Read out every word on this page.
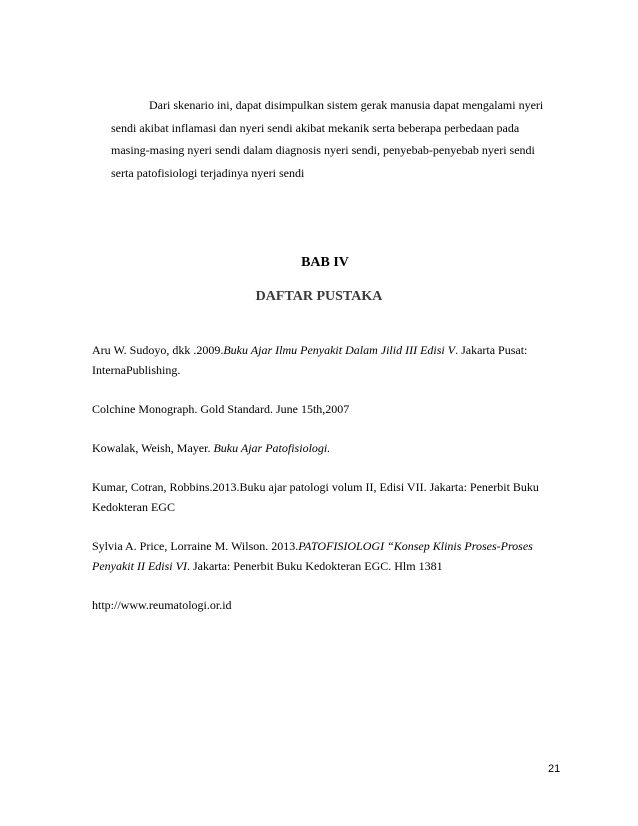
Dari skenario ini, dapat disimpulkan sistem gerak manusia dapat mengalami nyeri
sendi akibat inflamasi dan nyeri sendi akibat mekanik serta beberapa perbedaan pada
masing-masing nyeri sendi dalam diagnosis nyeri sendi, penyebab-penyebab nyeri sendi
serta patofisiologi terjadinya nyeri sendi
BAB IV
DAFTAR PUSTAKA

Aru W. Sudoyo, dkk .2009.Buku Ajar Ilmu Penyakit Dalam Jilid III Edisi V. Jakarta Pusat:
InternaPublishing.

Colchine Monograph. Gold Standard. June 15th,2007

Kowalak, Weish, Mayer. Buku Ajar Patofisiologi.

Kumar, Cotran, Robbins.2013.Buku ajar patologi volum II, Edisi VII. Jakarta: Penerbit Buku
Kedokteran EGC

Sylvia A. Price, Lorraine M. Wilson. 2013.PATOFISIOLOGI “Konsep Klinis Proses-Proses
Penyakit II Edisi VI. Jakarta: Penerbit Buku Kedokteran EGC. Hlm 1381

http://www.reumatologi.or.id

21
